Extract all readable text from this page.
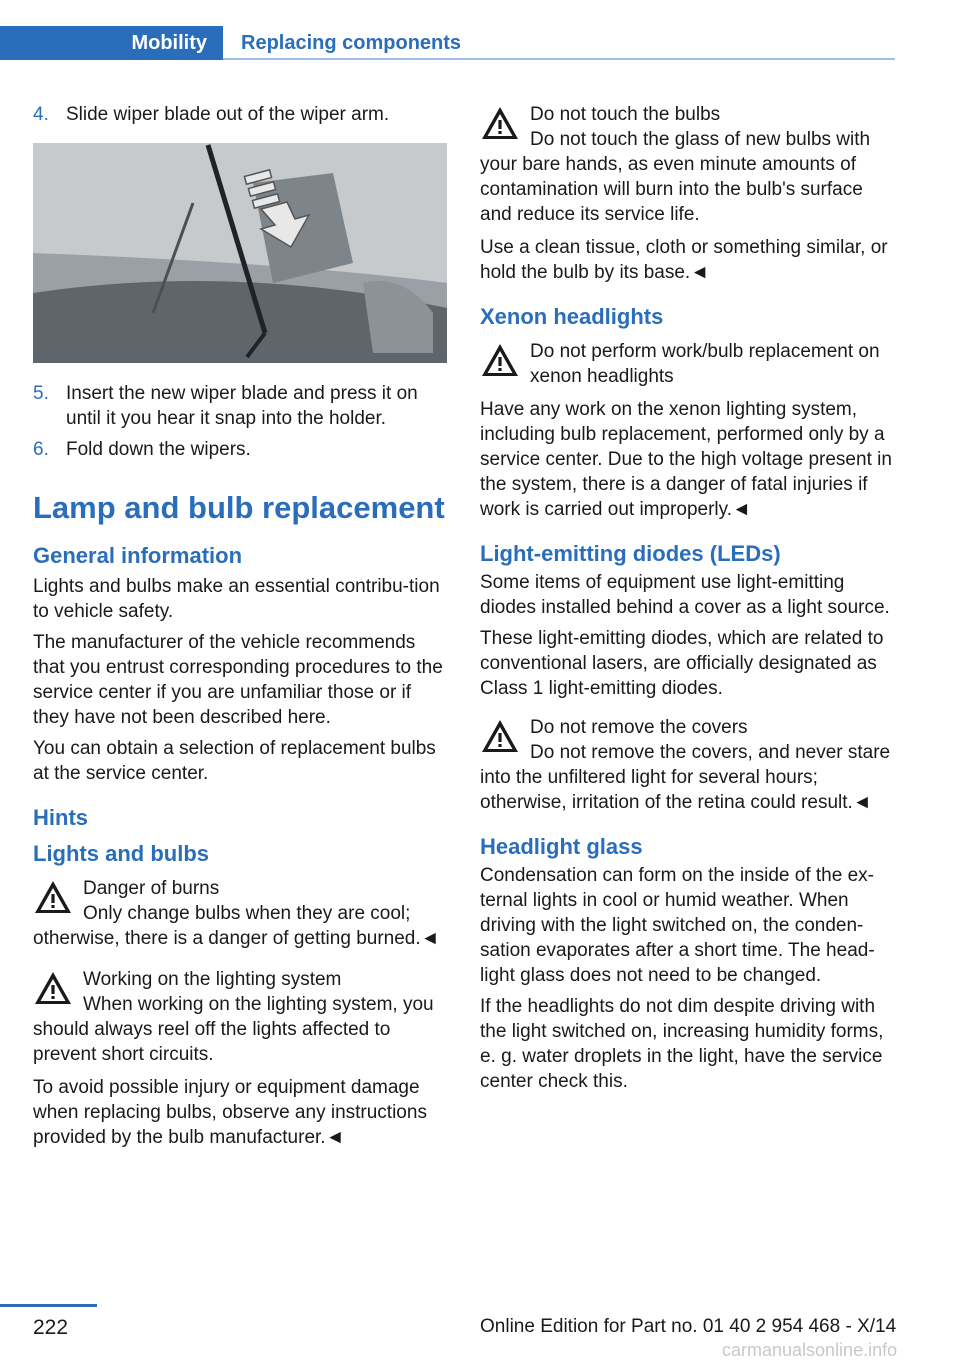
Mobility	Replacing components
4. Slide wiper blade out of the wiper arm.
5. Insert the new wiper blade and press it on until it you hear it snap into the holder.
6. Fold down the wipers.
Lamp and bulb replacement
General information

Lights and bulbs make an essential contribu-tion to vehicle safety.

The manufacturer of the vehicle recommends that you entrust corresponding procedures to the service center if you are unfamiliar those or if they have not been described here.

You can obtain a selection of replacement bulbs at the service center.

Hints
Lights and bulbs
Danger of burns
Only change bulbs when they are cool; otherwise, there is a danger of getting burned.◄
Working on the lighting system
When working on the lighting system, you should always reel off the lights affected to prevent short circuits.

To avoid possible injury or equipment damage when replacing bulbs, observe any instructions provided by the bulb manufacturer.◄

Do not touch the bulbs
Do not touch the glass of new bulbs with your bare hands, as even minute amounts of contamination will burn into the bulb's surface and reduce its service life.

Use a clean tissue, cloth or something similar, or hold the bulb by its base.◄

Xenon headlights
Do not perform work/bulb replacement on xenon headlights

Have any work on the xenon lighting system, including bulb replacement, performed only by a service center. Due to the high voltage present in the system, there is a danger of fatal injuries if work is carried out improperly.◄

Light-emitting diodes (LEDs)

Some items of equipment use light-emitting diodes installed behind a cover as a light source.

These light-emitting diodes, which are related to conventional lasers, are officially designated as Class 1 light-emitting diodes.

Do not remove the covers
Do not remove the covers, and never stare into the unfiltered light for several hours; otherwise, irritation of the retina could result.◄
Headlight glass

Condensation can form on the inside of the ex-ternal lights in cool or humid weather. When driving with the light switched on, the conden-sation evaporates after a short time. The head-light glass does not need to be changed.

If the headlights do not dim despite driving with the light switched on, increasing humidity forms, e. g. water droplets in the light, have the service center check this.

222	Online Edition for Part no. 01 40 2 954 468 - X/14
carmanualsonline.info
